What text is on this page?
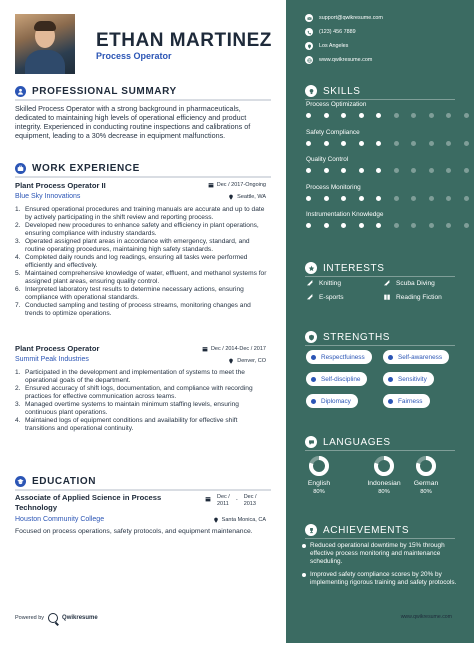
ETHAN MARTINEZ
Process Operator
PROFESSIONAL SUMMARY
Skilled Process Operator with a strong background in pharmaceuticals, dedicated to maintaining high levels of operational efficiency and product integrity. Experienced in conducting routine inspections and calibrations of equipment, leading to a 30% decrease in equipment malfunctions.
WORK EXPERIENCE
Plant Process Operator II	Dec / 2017-Ongoing
Blue Sky Innovations	Seattle, WA
1. Ensured operational procedures and training manuals are accurate and up to date by actively participating in the shift review and reporting process.
2. Developed new procedures to enhance safety and efficiency in plant operations, ensuring compliance with industry standards.
3. Operated assigned plant areas in accordance with emergency, standard, and routine operating procedures, maintaining high safety standards.
4. Completed daily rounds and log readings, ensuring all tasks were performed efficiently and effectively.
5. Maintained comprehensive knowledge of water, effluent, and methanol systems for assigned plant areas, ensuring quality control.
6. Interpreted laboratory test results to determine necessary actions, ensuring compliance with operational standards.
7. Conducted sampling and testing of process streams, monitoring changes and trends to optimize operations.
Plant Process Operator	Dec / 2014-Dec / 2017
Summit Peak Industries	Denver, CO
1. Participated in the development and implementation of systems to meet the operational goals of the department.
2. Ensured accuracy of shift logs, documentation, and compliance with recording practices for effective communication across teams.
3. Managed overtime systems to maintain minimum staffing levels, ensuring continuous plant operations.
4. Maintained logs of equipment conditions and availability for effective shift transitions and operational continuity.
EDUCATION
Associate of Applied Science in Process
Technology
Dec /
2011
- Dec /
2013
Houston Community College	Santa Monica, CA
Focused on process operations, safety protocols, and equipment maintenance.
Powered by	Qwikresume
support@qwikresume.com
(123) 456 7889
Los Angeles
www.qwikresume.com
SKILLS
Process Optimization
Safety Compliance
Quality Control
Process Monitoring
Instrumentation Knowledge
INTERESTS
Knitting	Scuba Diving
E-sports	Reading Fiction
STRENGTHS
Respectfuiness	Self-awareness
Self-discipline	Sensitivity
Diplomacy	Fairness
LANGUAGES
English
80%
Indonesian
80%
German
80%
ACHIEVEMENTS
Reduced operational downtime by 15% through effective process monitoring and maintenance scheduling.
Improved safety compliance scores by 20% by implementing rigorous training and safety protocols.
www.qwikresume.com
